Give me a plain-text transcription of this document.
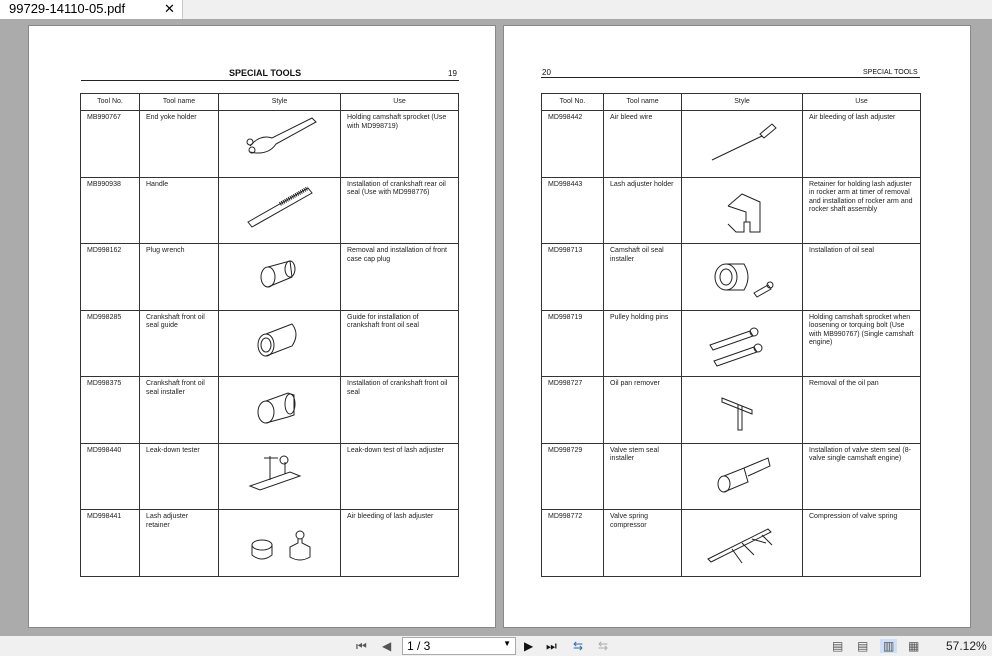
99729-14110-05.pdf	✕
SPECIAL TOOLS	19
Tool No.	Tool name	Style	Use
MB990767	End yoke holder		Holding camshaft sprocket (Use with MD998719)
MB990938	Handle		Installation of crankshaft rear oil seal (Use with MD998776)
MD998162	Plug wrench		Removal and installation of front case cap plug
MD998285	Crankshaft front oil seal guide		Guide for installation of crankshaft front oil seal
MD998375	Crankshaft front oil seal installer		Installation of crankshaft front oil seal
MD998440	Leak-down tester		Leak-down test of lash adjuster
MD998441	Lash adjuster retainer		Air bleeding of lash adjuster
20	SPECIAL TOOLS
Tool No.	Tool name	Style	Use
MD998442	Air bleed wire		Air bleeding of lash adjuster
MD998443	Lash adjuster holder		Retainer for holding lash adjuster in rocker arm at timer of removal and installation of rocker arm and rocker shaft assembly
MD998713	Camshaft oil seal installer		Installation of oil seal
MD998719	Pulley holding pins		Holding camshaft sprocket when loosening or torquing bolt (Use with MB990767) (Single camshaft engine)
MD998727	Oil pan remover		Removal of the oil pan
MD998729	Valve stem seal installer		Installation of valve stem seal (8-valve single camshaft engine)
MD998772	Valve spring compressor		Compression of valve spring
⏮ ◀	1 / 3	▼ ▶ ⏭ ⇆ ⇆	▤ ▤ ▥ ▦ 57.12%
